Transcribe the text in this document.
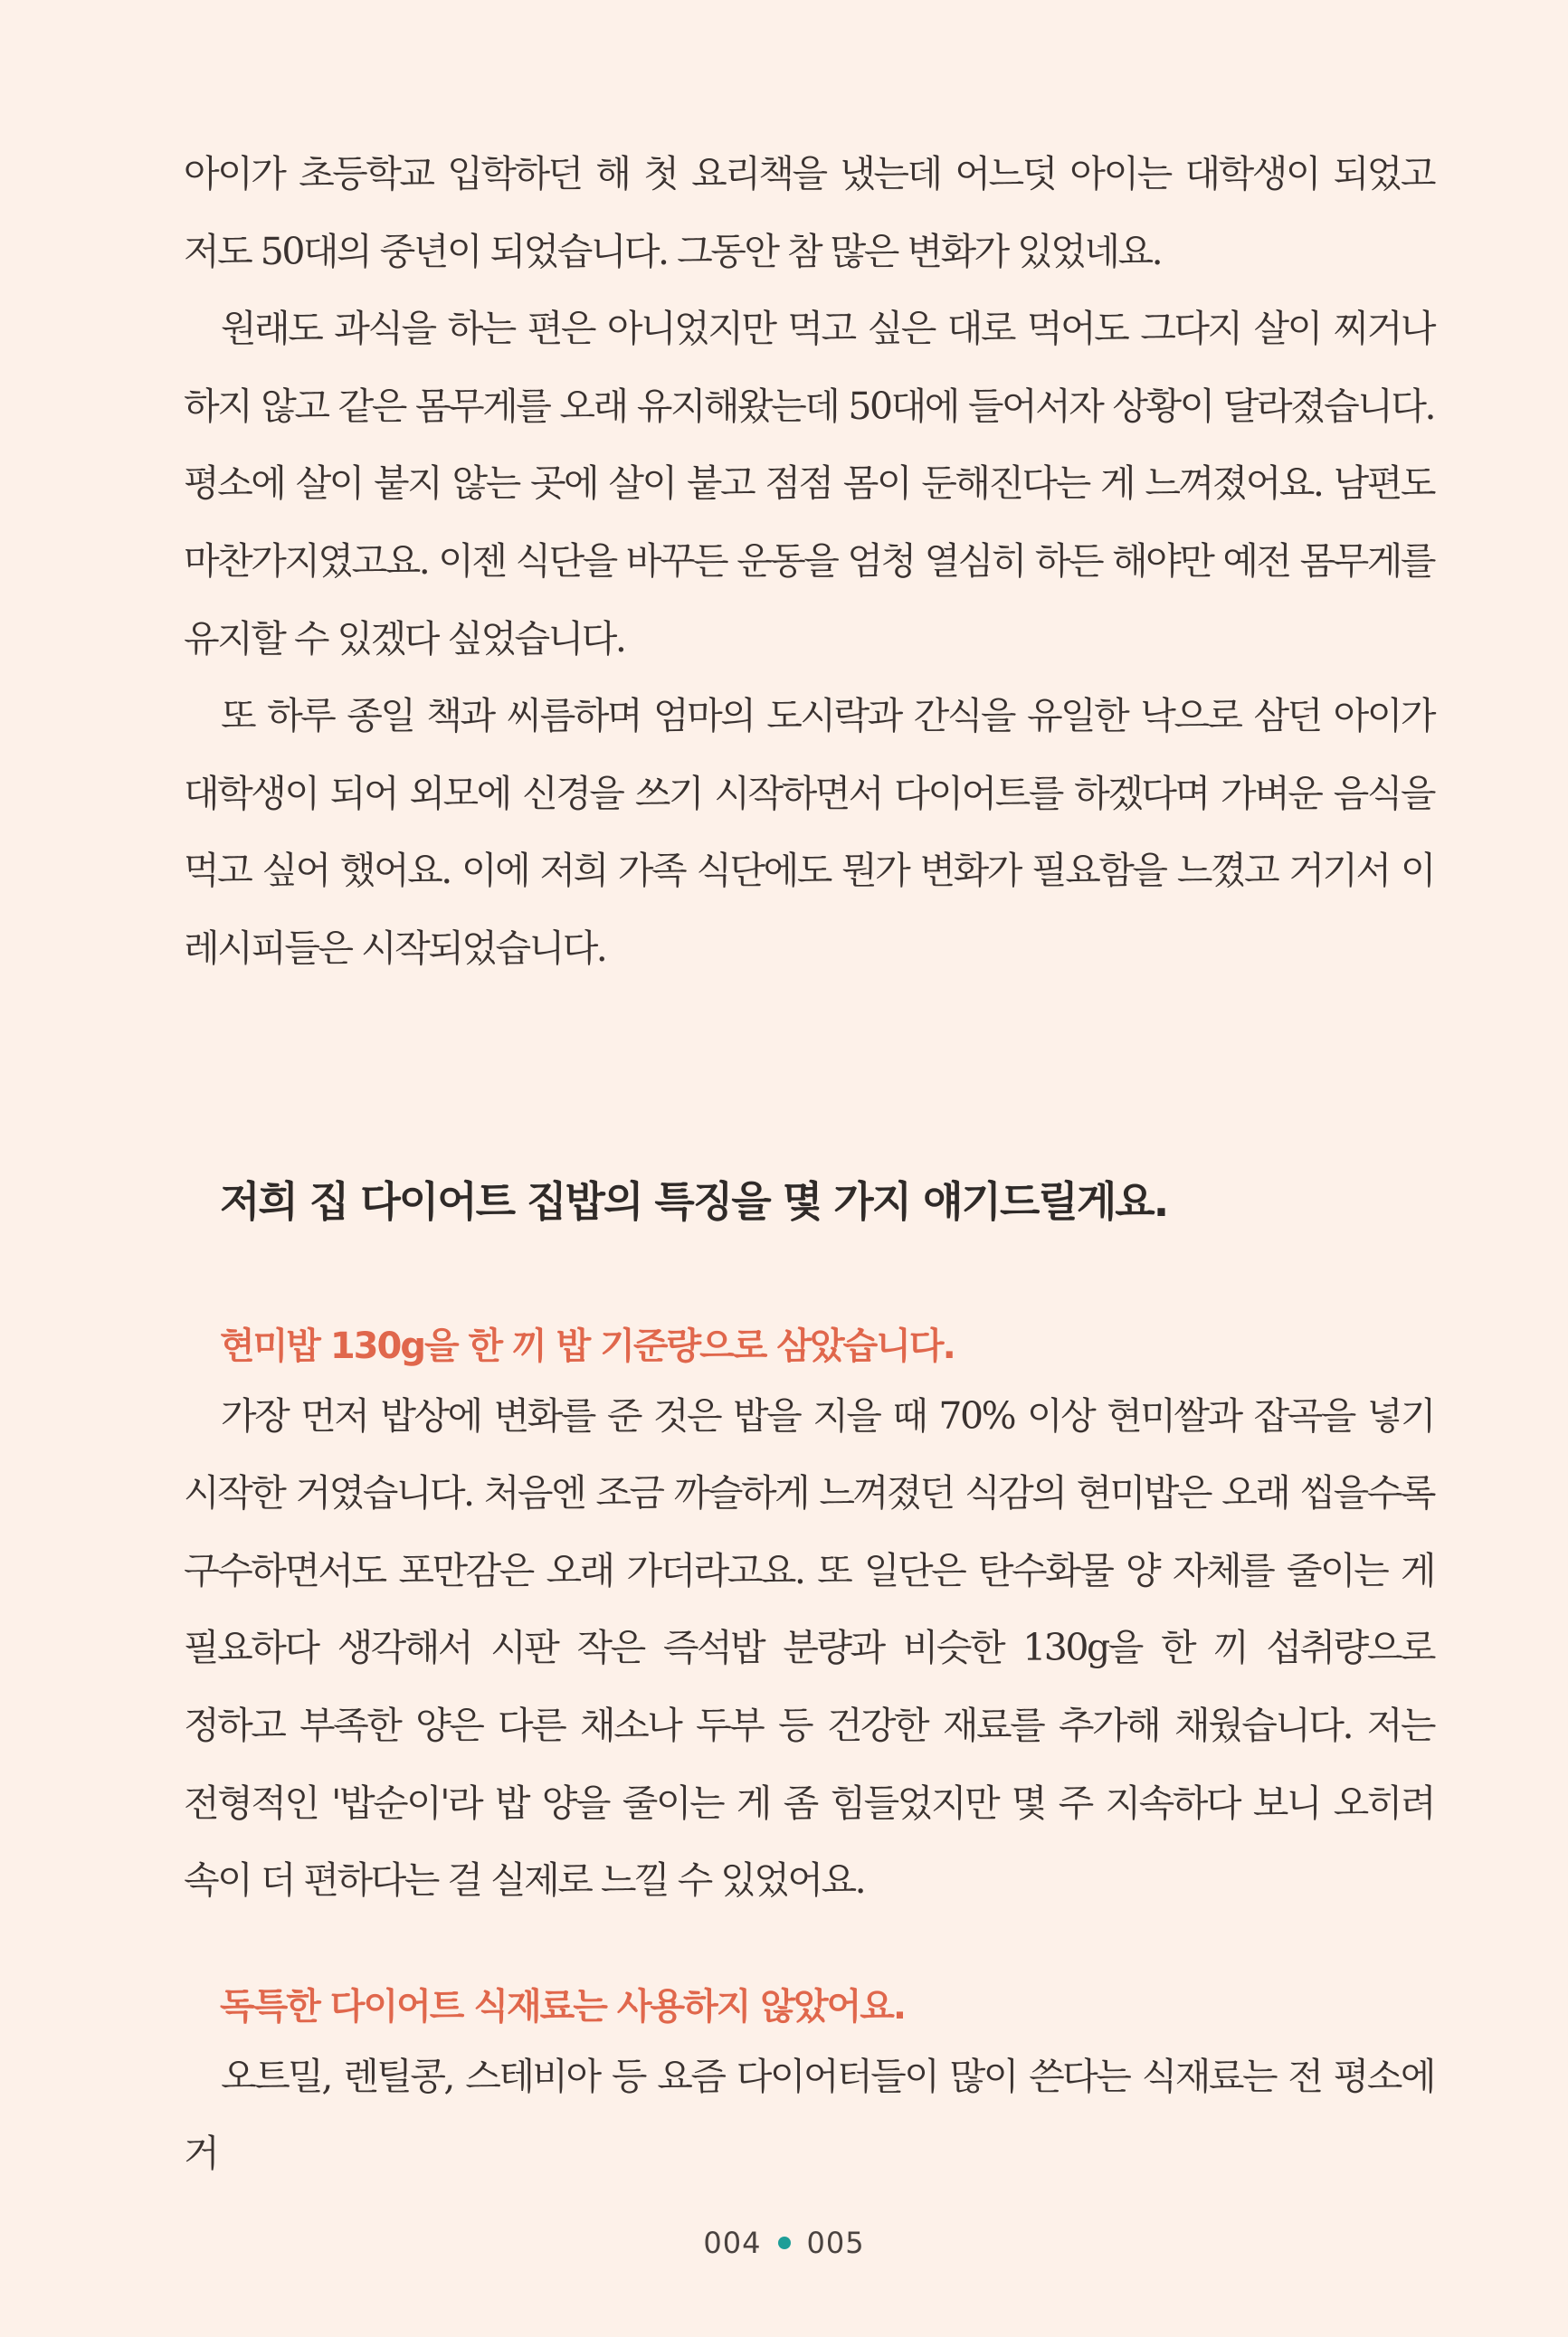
아이가 초등학교 입학하던 해 첫 요리책을 냈는데 어느덧 아이는 대학생이 되었고 저도 50대의 중년이 되었습니다. 그동안 참 많은 변화가 있었네요.

원래도 과식을 하는 편은 아니었지만 먹고 싶은 대로 먹어도 그다지 살이 찌거나 하지 않고 같은 몸무게를 오래 유지해왔는데 50대에 들어서자 상황이 달라졌습니다. 평소에 살이 붙지 않는 곳에 살이 붙고 점점 몸이 둔해진다는 게 느껴졌어요. 남편도 마찬가지였고요. 이젠 식단을 바꾸든 운동을 엄청 열심히 하든 해야만 예전 몸무게를 유지할 수 있겠다 싶었습니다.

또 하루 종일 책과 씨름하며 엄마의 도시락과 간식을 유일한 낙으로 삼던 아이가 대학생이 되어 외모에 신경을 쓰기 시작하면서 다이어트를 하겠다며 가벼운 음식을 먹고 싶어 했어요. 이에 저희 가족 식단에도 뭔가 변화가 필요함을 느꼈고 거기서 이 레시피들은 시작되었습니다.

저희 집 다이어트 집밥의 특징을 몇 가지 얘기드릴게요.
현미밥 130g을 한 끼 밥 기준량으로 삼았습니다.

가장 먼저 밥상에 변화를 준 것은 밥을 지을 때 70% 이상 현미쌀과 잡곡을 넣기 시작한 거였습니다. 처음엔 조금 까슬하게 느껴졌던 식감의 현미밥은 오래 씹을수록 구수하면서도 포만감은 오래 가더라고요. 또 일단은 탄수화물 양 자체를 줄이는 게 필요하다 생각해서 시판 작은 즉석밥 분량과 비슷한 130g을 한 끼 섭취량으로 정하고 부족한 양은 다른 채소나 두부 등 건강한 재료를 추가해 채웠습니다. 저는 전형적인 '밥순이'라 밥 양을 줄이는 게 좀 힘들었지만 몇 주 지속하다 보니 오히려 속이 더 편하다는 걸 실제로 느낄 수 있었어요.

독특한 다이어트 식재료는 사용하지 않았어요.

오트밀, 렌틸콩, 스테비아 등 요즘 다이어터들이 많이 쓴다는 식재료는 전 평소에 거

004 005
